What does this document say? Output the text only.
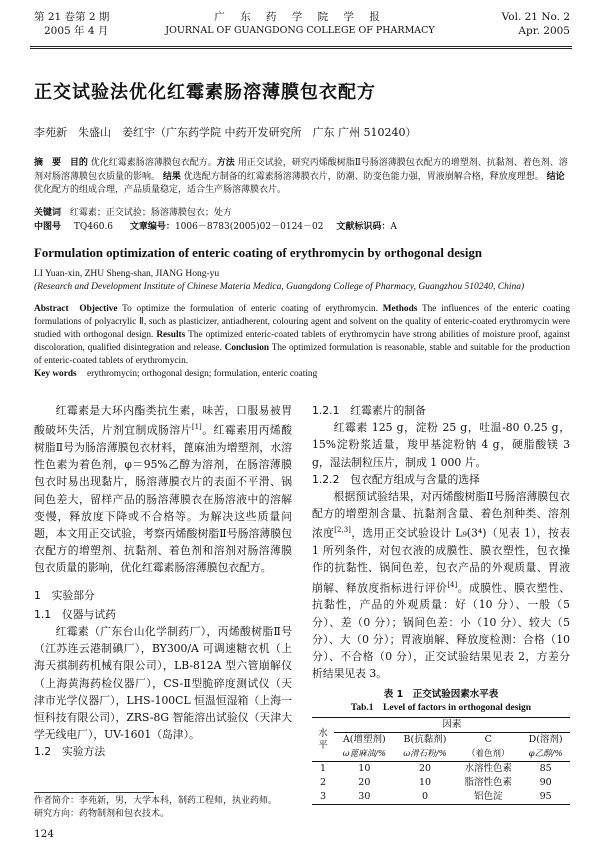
第 21 卷第 2 期
2005 年 4 月
广 东 药 学 院 学 报
JOURNAL OF GUANGDONG COLLEGE OF PHARMACY
Vol. 21 No. 2
Apr. 2005
正交试验法优化红霉素肠溶薄膜包衣配方
李苑新　朱盛山　姜红宇（广东药学院 中药开发研究所　广东 广州 510240）
摘　要 目的 优化红霉素肠溶薄膜包衣配方。方法 用正交试验，研究丙烯酸树脂Ⅱ号肠溶薄膜包衣配方的增塑剂、抗黏剂、着色剂、溶剂对肠溶薄膜包衣质量的影响。 结果 优选配方制备的红霉素肠溶薄膜衣片，防潮、防变色能力强，胃液崩解合格，释放度理想。 结论 优化配方的组成合理，产品质量稳定，适合生产肠溶薄膜衣片。
关键词 红霉素；正交试验；肠溶薄膜包衣；处方
中图号 TQ460.6 文章编号：1006－8783(2005)02－0124－02 文献标识码：A
Formulation optimization of enteric coating of erythromycin by orthogonal design
LI Yuan-xin, ZHU Sheng-shan, JIANG Hong-yu
(Research and Development Institute of Chinese Materia Medica, Guangdong College of Pharmacy, Guangzhou 510240, China)
Abstract Objective To optimize the formulation of enteric coating of erythromycin. Methods The influences of the enteric coating formulations of polyacrylic Ⅱ, such as plasticizer, antiadherent, colouring agent and solvent on the quality of enteric-coated erythromycin were studied with orthogonal design. Results The optimized enteric-coated tablets of erythromycin have strong abilities of moisture proof, against discoloration, qualified disintegration and release. Conclusion The optimized formulation is reasonable, stable and suitable for the production of enteric-coated tablets of erythromycin.
Key words erythromycin; orthogonal design; formulation, enteric coating

红霉素是大环内酯类抗生素，味苦，口服易被胃酸破坏失活，片剂宜制成肠溶片[1]。红霉素用丙烯酸树脂Ⅱ号为肠溶薄膜包衣材料，蓖麻油为增塑剂，水溶性色素为着色剂，φ＝95%乙醇为溶剂，在肠溶薄膜包衣时易出现黏片，肠溶薄膜衣片的表面不平滑、锅间色差大，留样产品的肠溶薄膜衣在肠溶液中的溶解变慢，释放度下降或不合格等。为解决这些质量问题，本文用正交试验，考察丙烯酸树脂Ⅱ号肠溶薄膜包衣配方的增塑剂、抗黏剂、着色剂和溶剂对肠溶薄膜包衣质量的影响，优化红霉素肠溶薄膜包衣配方。

1　实验部分
1.1　仪器与试药

红霉素（广东台山化学制药厂），丙烯酸树脂Ⅱ号（江苏连云港制碘厂），BY300/A 可调速糖衣机（上海天祺制药机械有限公司），LB-812A 型六管崩解仪（上海黄海药检仪器厂），CS-Ⅱ型脆碎度测试仪（天津市光学仪器厂），LHS-100CL 恒温恒湿箱（上海一恒科技有限公司），ZRS-8G 智能溶出试验仪（天津大学无线电厂），UV-1601（岛津）。

1.2　实验方法
1.2.1　红霉素片的制备

红霉素 125 g，淀粉 25 g，吐温-80 0.25 g，15%淀粉浆适量，羧甲基淀粉钠 4 g，硬脂酸镁 3 g，湿法制粒压片，制成 1 000 片。

1.2.2　包衣配方组成与含量的选择

根据预试验结果，对丙烯酸树脂Ⅱ号肠溶薄膜包衣配方的增塑剂含量、抗黏剂含量、着色剂种类、溶剂浓度[2,3]，选用正交试验设计 L₉(3⁴)（见表 1），按表 1 所列条件，对包衣液的成膜性、膜衣塑性，包衣操作的抗黏性、锅间色差，包衣产品的外观质量、胃液崩解、释放度指标进行评价[4]。成膜性、膜衣塑性、抗黏性，产品的外观质量：好（10 分）、一般（5 分）、差（0 分）；锅间色差：小（10 分）、较大（5 分）、大（0 分）；胃液崩解、释放度检测：合格（10 分）、不合格（0 分），正交试验结果见表 2，方差分析结果见表 3。

表 1　正交试验因素水平表
Tab.1　Level of factors in orthogonal design
水平	因素			
	A(增塑剂)	B(抗黏剂)	C	D(溶剂)
	ω蓖麻油/%	ω滑石粉/%	（着色剂）	φ乙醇/%
1	10	20	水溶性色素	85
2	20	10	脂溶性色素	90
3	30	0	铝色淀	95
作者简介：李苑新，男，大学本科，制药工程师，执业药师。
研究方向：药物制剂和包衣技术。
124
